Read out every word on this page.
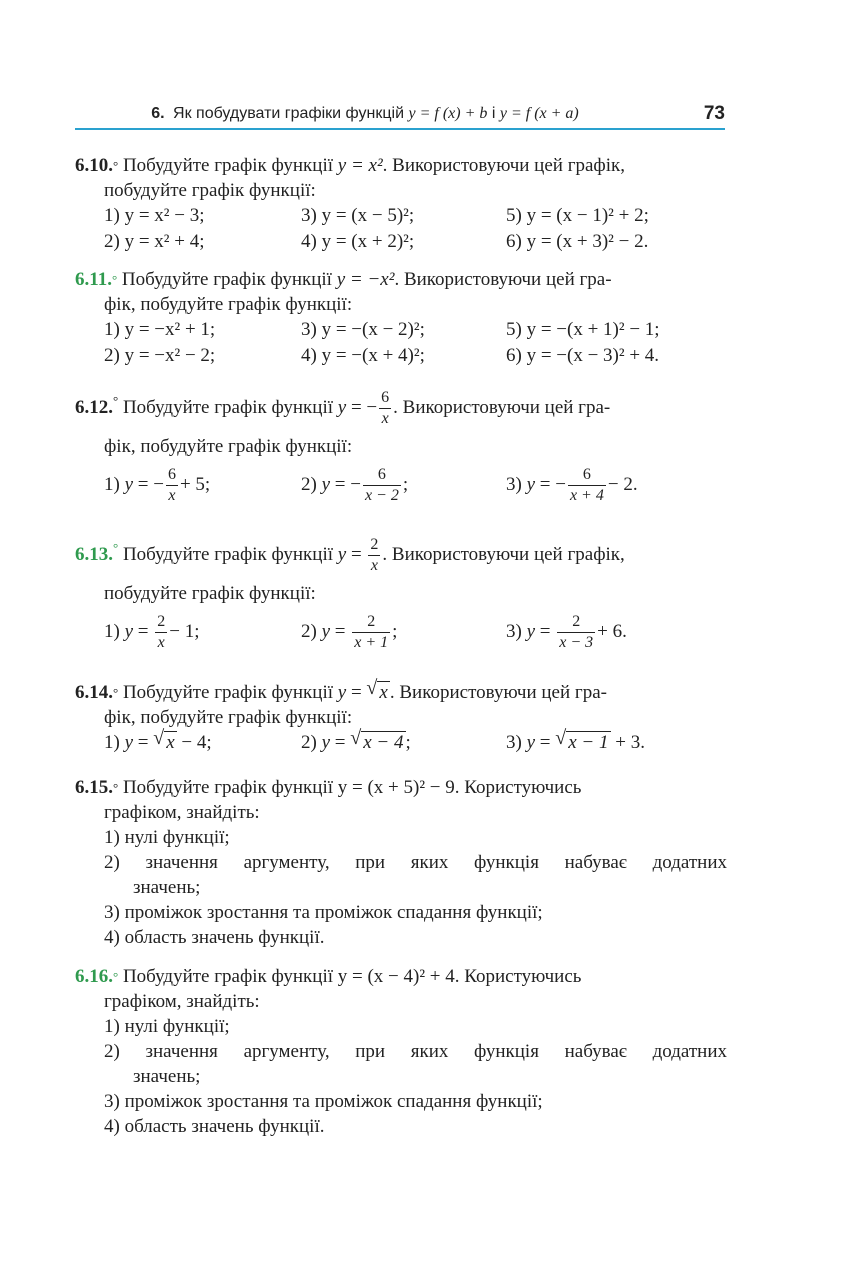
6. Як побудувати графіки функцій y = f (x) + b і y = f (x + a)	73
6.10.° Побудуйте графік функції y = x². Використовуючи цей графік,
побудуйте графік функції:
1) y = x² − 3;	3) y = (x − 5)²;	5) y = (x − 1)² + 2;
2) y = x² + 4;	4) y = (x + 2)²;	6) y = (x + 3)² − 2.
6.11.° Побудуйте графік функції y = −x². Використовуючи цей гра-
фік, побудуйте графік функції:
1) y = −x² + 1;	3) y = −(x − 2)²;	5) y = −(x + 1)² − 1;
2) y = −x² − 2;	4) y = −(x + 4)²;	6) y = −(x − 3)² + 4.
6.12.° Побудуйте графік функції y = − $\frac{6}{x}$ . Використовуючи цей гра-
фік, побудуйте графік функції:
1) y = − $\frac{6}{x} + 5$;	2) y = − $\frac{6}{x - 2}$ ;	3) y = − $\frac{6}{x + 4} - 2$.
6.13.° Побудуйте графік функції $y = \frac{2}{x}$ . Використовуючи цей графік,
побудуйте графік функції:
1) $y = \frac{2}{x} - 1$;	2) $y = \frac{2}{x + 1}$ ;	3) $y = \frac{2}{x - 3} + 6$.
6.14.° Побудуйте графік функції y = √ x . Використовуючи цей гра-
фік, побудуйте графік функції:
1) y = √ x − 4;	2) y = √ x − 4 ;	3) y = √ x − 1 + 3.
6.15.° Побудуйте графік функції y = (x + 5)² − 9. Користуючись
графіком, знайдіть:
1) нулі функції;
2) значення аргументу, при яких функція набуває додатних
значень;
3) проміжок зростання та проміжок спадання функції;
4) область значень функції.
6.16.° Побудуйте графік функції y = (x − 4)² + 4. Користуючись
графіком, знайдіть:
1) нулі функції;
2) значення аргументу, при яких функція набуває додатних
значень;
3) проміжок зростання та проміжок спадання функції;
4) область значень функції.
